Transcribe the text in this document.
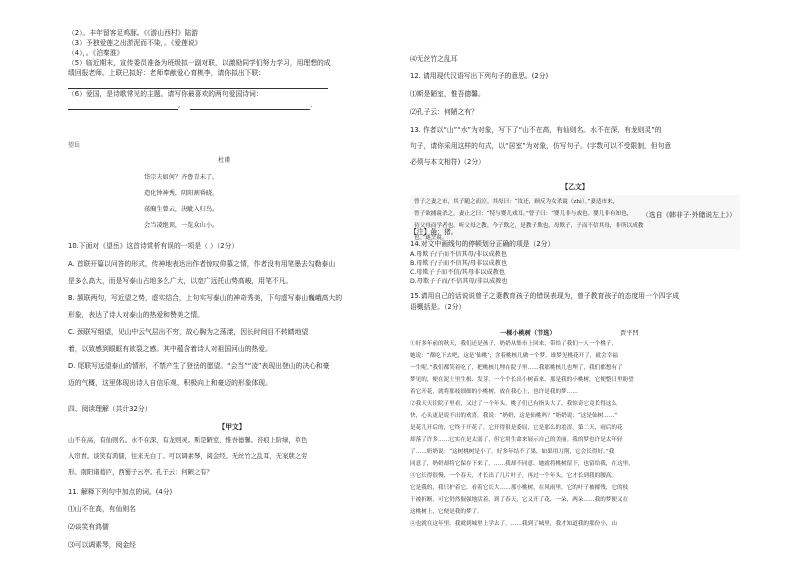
（2）。丰年留客足鸡豚。《《游山西村》陆游
（3）予独爱莲之出淤泥而不染，。《爱莲说》
（4），。《泊秦淮》
（5）临近期末，宣传委员准备为班级拟一副对联，以激励同学们努力学习，用理想的成
绩回报老师。上联已拟好：老师奉献爱心育桃李，请你拟出下联：
（6）爱国，是诗歌常见的主题。请写你最喜欢的两句爱国诗词：
,	.
望岳
杜甫
岱宗夫如何？齐鲁青未了。
造化钟神秀，阴阳割昏晓。
荡胸生曾云，决眦入归鸟。
会当凌绝顶，一览众山小。
10.下面对《望岳》这首诗赏析有误的一项是（ ）（2分）
A. 首联开篇以问答的形式，传神地表达出作者惊叹仰慕之情，作者没有用笔墨去勾勒泰山
是多么高大，而是写泰山占地多么广大，以宽广远托山势高峻，用笔不凡。
B. 颔联两句，写近望之势，虚实结合，上句实写泰山的神奇秀美，下句虚写泰山巍峨高大的
形象，表达了诗人对泰山的热爱和赞美之情。
C. 颈联写细望，见山中云气层出不穷，故心胸为之荡漾，因长时间目不转睛地望
着，以致感到眼眶有欲裂之感。其中蕴含着诗人对祖国河山的热爱。
D. 尾联写远望泰山的情形，不禁产生了登岳的愿望。“会当”“凌”表现出登山的决心和豪
迈的气概，这里体现出诗人自信乐观、积极向上和豪迈的形象体现。
四、阅读理解（共计32分）
【甲文】
山不在高，有仙则名。水不在深，有龙则灵。斯是陋室，惟吾德馨。苔痕上阶绿，草色
入帘青。谈笑有鸿儒，往来无白丁。可以调素琴，阅金经。无丝竹之乱耳，无案牍之劳
形。南阳诸葛庐，西蜀子云亭。孔子云：何陋之有？
11. 解释下列句中加点的词。(4分)
⑴山不在高，有仙则名
⑵谈笑有鸿儒
⑶可以调素琴，阅金经
⑷无丝竹之乱耳
12. 请用现代汉语写出下列句子的意思。(2分)
⑴斯是陋室，惟吾德馨。
⑵孔子云：何陋之有？
13. 作者以“山”“水”为对象，写下了“山不在高，有仙则名。水不在深，有龙则灵”的
句子，请你采用这样的句式，以“居室”为对象，仿写句子。(字数可以不受限制，但句意
必须与本文相符)（2分）
【乙文】
曾子之妻之市，其子随之而泣。其母曰：“汝还，顾反为女杀彘（zhì）。”妻适市来，
曾子欲捕彘杀之。妻止之曰：“特与婴儿戏耳。”曾子曰：“婴儿非与戏也。婴儿非有知也，
待父母而学者也，听父母之教。今子欺之，是教子欺也。母欺子，子而不信其母，非所以成教
也。”遂烹彘。
（选自《韩非子·外储说左上》）
【注】彘：猪。
14.对文中画线句的停顿划分正确的项是（2分）
A.母欺子/子而不信其母/非以成教也
B.母欺子/子而不信其/母非以成教也
C.母欺子子而不信/其母非以成教也
D.母欺子子而/不信其母/非以成教也
15.请用自己的话说说曾子之妻教育孩子的错误表现为，曾子教育孩子的态度用一个四字成
语概括是。（2分）
一棵小桃树（节选）	贾平凹
①好多年前的秋天，我们还是孩子，奶奶从集市上回来，带给了我们一人一个桃子，
她说：“都吃下去吧，这是‘仙桃’；含着桃核儿做一个梦，谁梦见桃花开了，就会幸福
一生呢。”我们都笑着吃了，把桃核儿埋在院子里……我那桃核儿也埋了，我们都想有了
梦见的，便在泥土里生根、发芽，一个个长出小树苗来。那是我的小桃树，它便整日里盼望
着它开花，就将那枝细细的小桃树，放在我心上，也许是我的梦……
②我天天往院子里看，又过了一个年头，桃子们已有指头大了，我惊奇它竟长得这么
快，心头更是说不出的欢喜。我说：“奶奶，这是仙桃吗？”奶奶说：“这是仙树……”
是花儿开后的，它终于开花了。它开得很是委屈，它是那么的羞涩。第二天，雨后的花
却落了许多……它实在是太弱了，但它用生命来展示自己的美丽。我的梦也许是太年轻
了……奶奶说：“这树桃树是小了，好多年结不了果，如果用刀削，它会长得好。”我
同意了，奶奶却将它保存下来了，……我却不同意，她就将桃树留下，也留给我，在这里。
③它长得很慢，一个春天，才长出了几片叶子，再过一个年头，它才长到我的腰高。
它是我的，我只护着它，看着它长大……那小桃树，在风雨里，它的叶子被摧残，它的枝
干被折断，可它仍然倔强地活着，到了春天，它又开了花，一朵，两朵……我的梦便又在
这桃树上，它便是我的梦了。
④也就在这年里，我就到城里上学去了，……我到了城里，我才知道我的那份小，山
